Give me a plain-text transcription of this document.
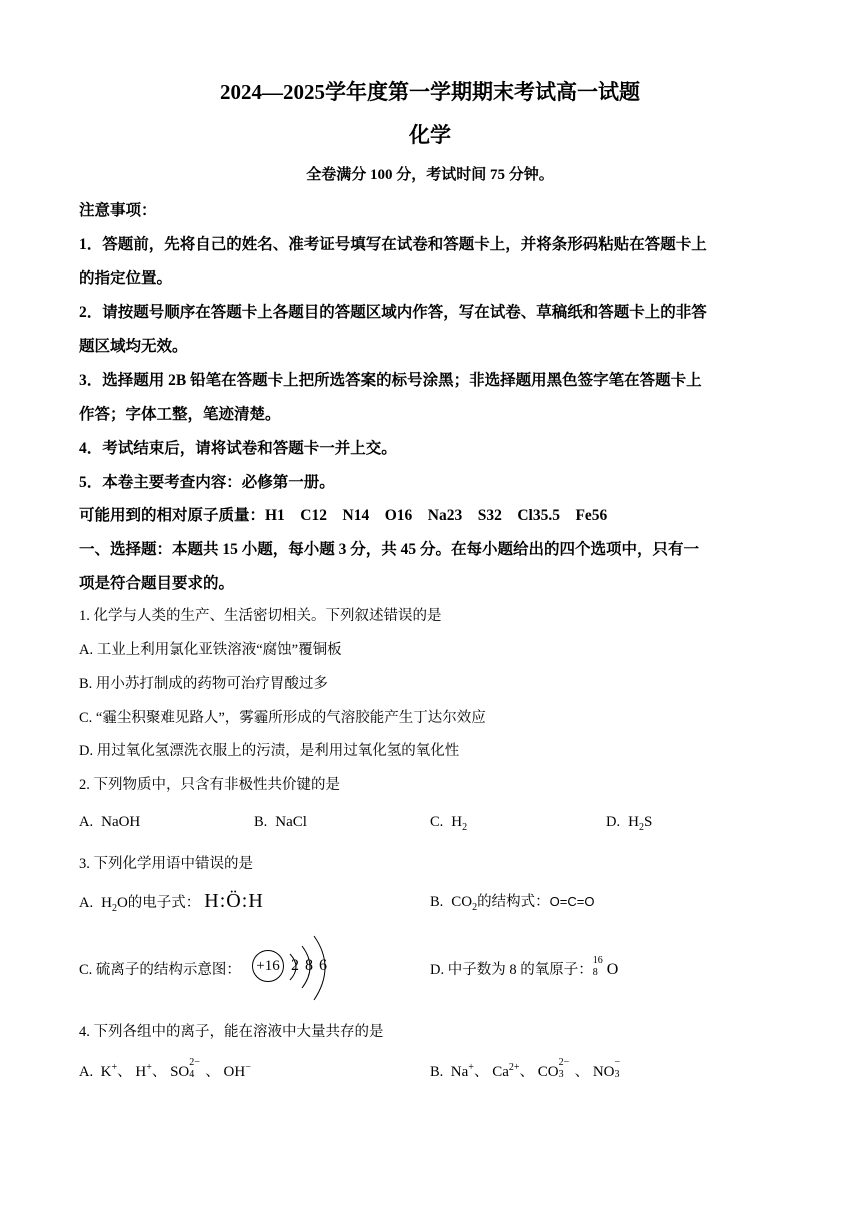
2024—2025学年度第一学期期末考试高一试题
化学
全卷满分 100 分，考试时间 75 分钟。
注意事项：
1．答题前，先将自己的姓名、准考证号填写在试卷和答题卡上，并将条形码粘贴在答题卡上
的指定位置。
2．请按题号顺序在答题卡上各题目的答题区域内作答，写在试卷、草稿纸和答题卡上的非答
题区域均无效。
3．选择题用 2B 铅笔在答题卡上把所选答案的标号涂黑；非选择题用黑色签字笔在答题卡上
作答；字体工整，笔迹清楚。
4．考试结束后，请将试卷和答题卡一并上交。
5．本卷主要考查内容：必修第一册。
可能用到的相对原子质量：H1　C12　N14　O16　Na23　S32　Cl35.5　Fe56
一、选择题：本题共 15 小题，每小题 3 分，共 45 分。在每小题给出的四个选项中，只有一
项是符合题目要求的。
1. 化学与人类的生产、生活密切相关。下列叙述错误的是
A. 工业上利用氯化亚铁溶液“腐蚀”覆铜板
B. 用小苏打制成的药物可治疗胃酸过多
C. “霾尘积聚难见路人”，雾霾所形成的气溶胶能产生丁达尔效应
D. 用过氧化氢漂洗衣服上的污渍，是利用过氧化氢的氧化性
2. 下列物质中，只含有非极性共价键的是
A. NaOH	B. NaCl	C. $H_2$	D. $H_2S$
3. 下列化学用语中错误的是
A. $H_2O$的电子式： H:Ö:H	B. $CO_2$的结构式：O=C=O
C. 硫离子的结构示意图： +16 2 8 6	D. 中子数为 8 的氧原子：
16
8 O
4. 下列各组中的离子，能在溶液中大量共存的是
A. K+、 H+、 SO
2−
4 、 OH−	B. Na+、 $Ca^{2+}$、 CO
2−
3 、 NO
−
3
